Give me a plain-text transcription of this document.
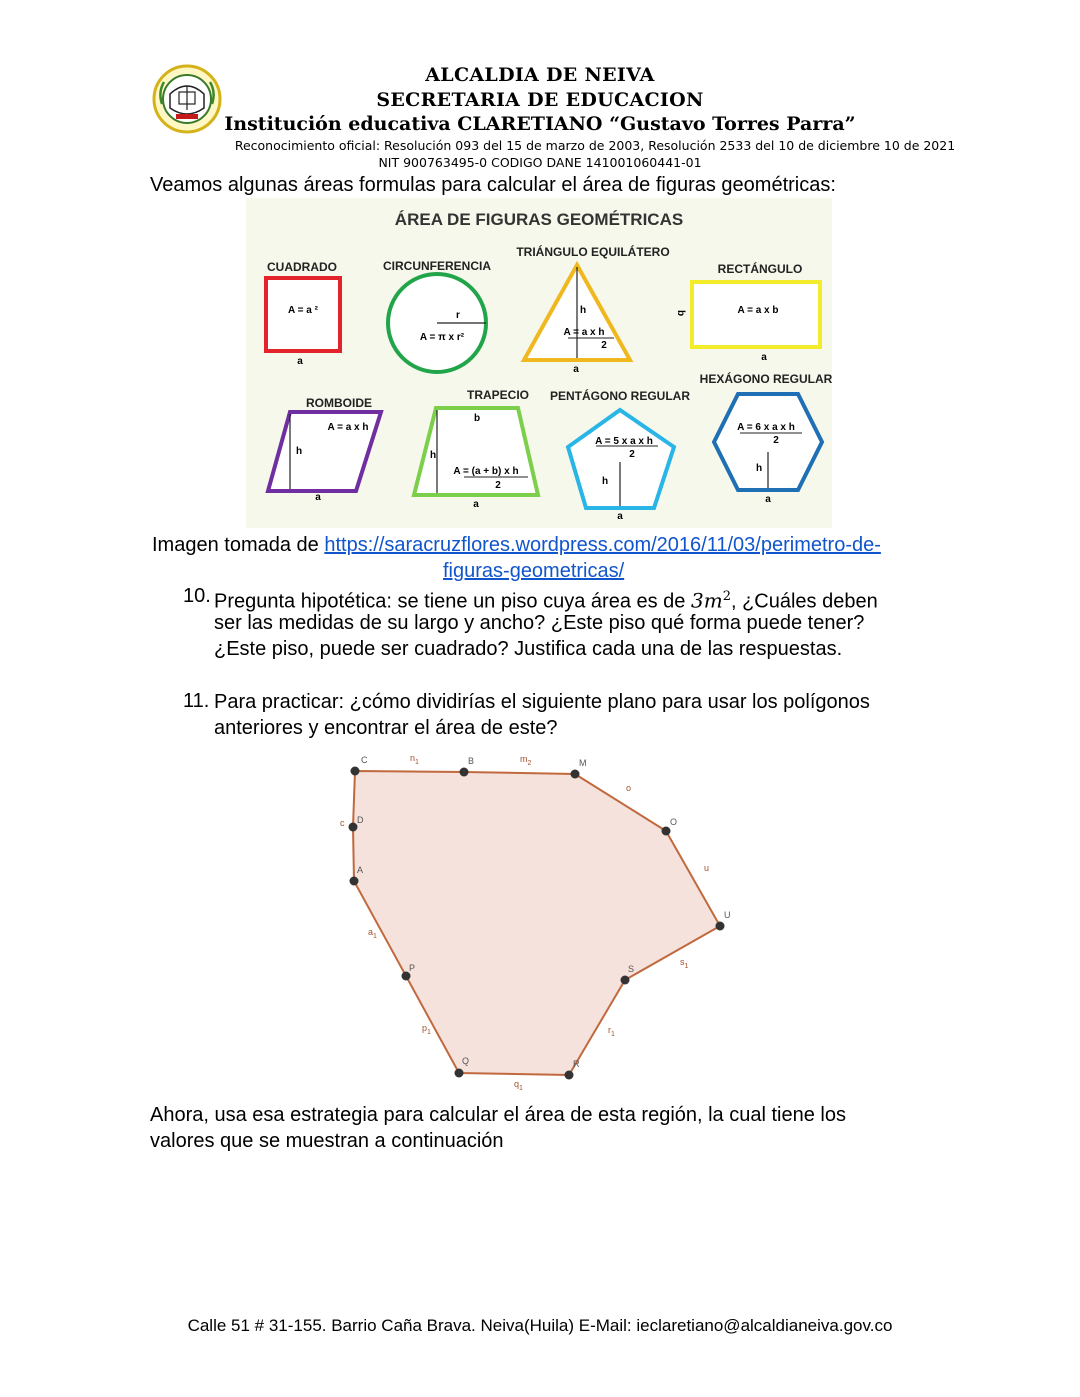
ALCALDIA DE NEIVA
SECRETARIA DE EDUCACION
Institución educativa CLARETIANO “Gustavo Torres Parra”
Reconocimiento oficial: Resolución 093 del 15 de marzo de 2003, Resolución 2533 del 10 de diciembre 10 de 2021
NIT 900763495-0 CODIGO DANE 141001060441-01
Veamos algunas áreas formulas para calcular el área de figuras geométricas:
ÁREA DE FIGURAS GEOMÉTRICAS
CUADRADO
A = a ²
a
CIRCUNFERENCIA
r
A = π x r²
TRIÁNGULO EQUILÁTERO
h
A = a x h
2
a
RECTÁNGULO
A = a x b
b
a
ROMBOIDE
h
A = a x h
a
TRAPECIO
b
h
A = (a + b) x h
2
a
PENTÁGONO REGULAR
A = 5 x a x h
2
h
a
HEXÁGONO REGULAR
A = 6 x a x h
2
h
a
Imagen tomada de https://saracruzflores.wordpress.com/2016/11/03/perimetro-de-
figuras-geometricas/
10. Pregunta hipotética: se tiene un piso cuya área es de $3m^2$, ¿Cuáles deben
ser las medidas de su largo y ancho? ¿Este piso qué forma puede tener?
¿Este piso, puede ser cuadrado? Justifica cada una de las respuestas.
11. Para practicar: ¿cómo dividirías el siguiente plano para usar los polígonos
anteriores y encontrar el área de este?
C	B	M
O
U
S
R
Q
P
A
D
$n_1$	$m_2$
o
u
$s_1$
$r_1$
$q_1$
$p_1$
$a_1$
c
Ahora, usa esa estrategia para calcular el área de esta región, la cual tiene los
valores que se muestran a continuación
Calle 51 # 31-155. Barrio Caña Brava. Neiva(Huila) E-Mail: ieclaretiano@alcaldianeiva.gov.co
